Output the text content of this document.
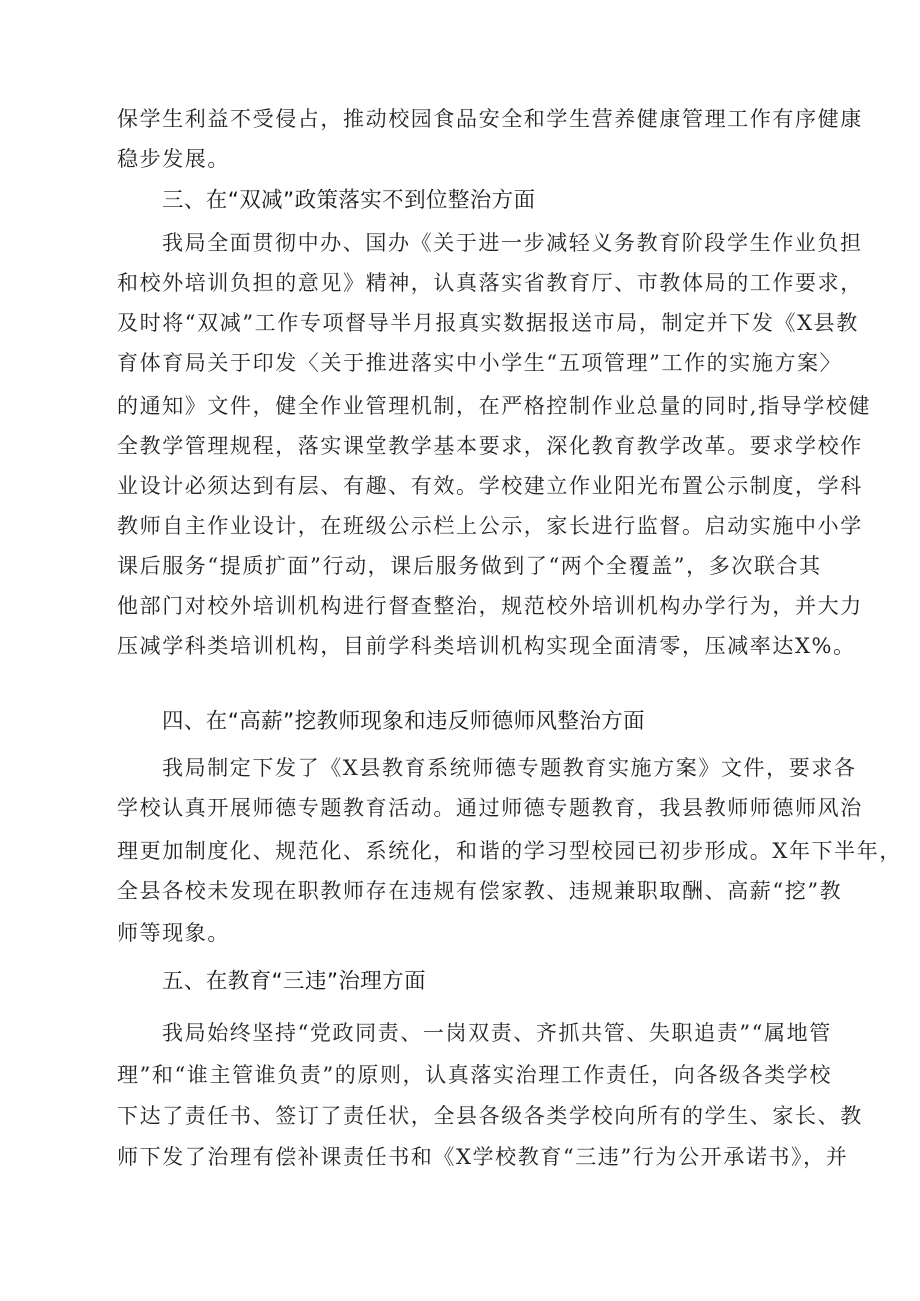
保学生利益不受侵占，推动校园食品安全和学生营养健康管理工作有序健康
稳步发展。
三、在“双减”政策落实不到位整治方面
我局全面贯彻中办、国办《关于进一步减轻义务教育阶段学生作业负担
和校外培训负担的意见》精神，认真落实省教育厅、市教体局的工作要求，
及时将“双减”工作专项督导半月报真实数据报送市局，制定并下发《X县教
育体育局关于印发〈关于推进落实中小学生“五项管理”工作的实施方案〉
的通知》文件，健全作业管理机制，在严格控制作业总量的同时,指导学校健
全教学管理规程，落实课堂教学基本要求，深化教育教学改革。要求学校作
业设计必须达到有层、有趣、有效。学校建立作业阳光布置公示制度，学科
教师自主作业设计，在班级公示栏上公示，家长进行监督。启动实施中小学
课后服务“提质扩面”行动，课后服务做到了“两个全覆盖”，多次联合其
他部门对校外培训机构进行督查整治，规范校外培训机构办学行为，并大力
压减学科类培训机构，目前学科类培训机构实现全面清零，压减率达X%。
四、在“高薪”挖教师现象和违反师德师风整治方面
我局制定下发了《X县教育系统师德专题教育实施方案》文件，要求各
学校认真开展师德专题教育活动。通过师德专题教育，我县教师师德师风治
理更加制度化、规范化、系统化，和谐的学习型校园已初步形成。X年下半年，
全县各校未发现在职教师存在违规有偿家教、违规兼职取酬、高薪“挖”教
师等现象。
五、在教育“三违”治理方面
我局始终坚持“党政同责、一岗双责、齐抓共管、失职追责”“属地管
理”和“谁主管谁负责”的原则，认真落实治理工作责任，向各级各类学校
下达了责任书、签订了责任状，全县各级各类学校向所有的学生、家长、教
师下发了治理有偿补课责任书和《X学校教育“三违”行为公开承诺书》，并
